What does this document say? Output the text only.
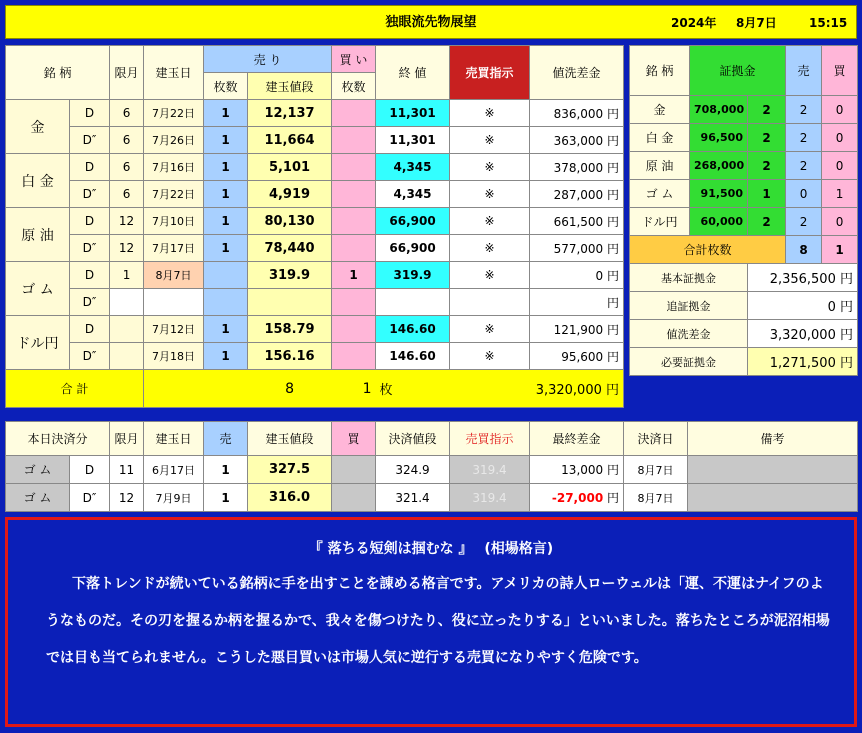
独眼流先物展望	2024年 8月7日	15:15
銘 柄		限月	建玉日	売 り		買 い	終 値	売買指示	値洗差金
				枚数	建玉値段	枚数			
金	D	6	7月22日	1	12,137		11,301	※	836,000 円
	D″	6	7月26日	1	11,664		11,301	※	363,000 円
白 金	D	6	7月16日	1	5,101		4,345	※	378,000 円
	D″	6	7月22日	1	4,919		4,345	※	287,000 円
原 油	D	12	7月10日	1	80,130		66,900	※	661,500 円
	D″	12	7月17日	1	78,440		66,900	※	577,000 円
ゴ ム	D	1	8月7日		319.9	1	319.9	※	0 円
	D″								円
ドル円	D		7月12日	1	158.79		146.60	※	121,900 円
	D″		7月18日	1	156.16		146.60	※	95,600 円
合 計					8	1	枚	3,320,000 円	
銘 柄	証拠金		売	買
金	708,000	2	2	0
白 金	96,500	2	2	0
原 油	268,000	2	2	0
ゴ ム	91,500	1	0	1
ドル円	60,000	2	2	0
合計枚数			8	1
基本証拠金		2,356,500 円		
追証拠金		0 円		
値洗差金		3,320,000 円		
必要証拠金		1,271,500 円		
本日決済分		限月	建玉日	売	建玉値段	買	決済値段	売買指示	最終差金	決済日	備考
ゴ ム	D	11	6月17日	1	327.5		324.9	319.4	13,000 円	8月7日	
ゴ ム	D″	12	7月9日	1	316.0		321.4	319.4	-27,000 円	8月7日	
『 落ちる短剣は掴むな 』　 (相場格言)
下落トレンドが続いている銘柄に手を出すことを諌める格言です。アメリカの詩人ローウェルは「運、不運はナイフのようなものだ。その刃を握るか柄を握るかで、我々を傷つけたり、役に立ったりする」といいました。落ちたところが泥沼相場では目も当てられません。こうした悪目買いは市場人気に逆行する売買になりやすく危険です。
